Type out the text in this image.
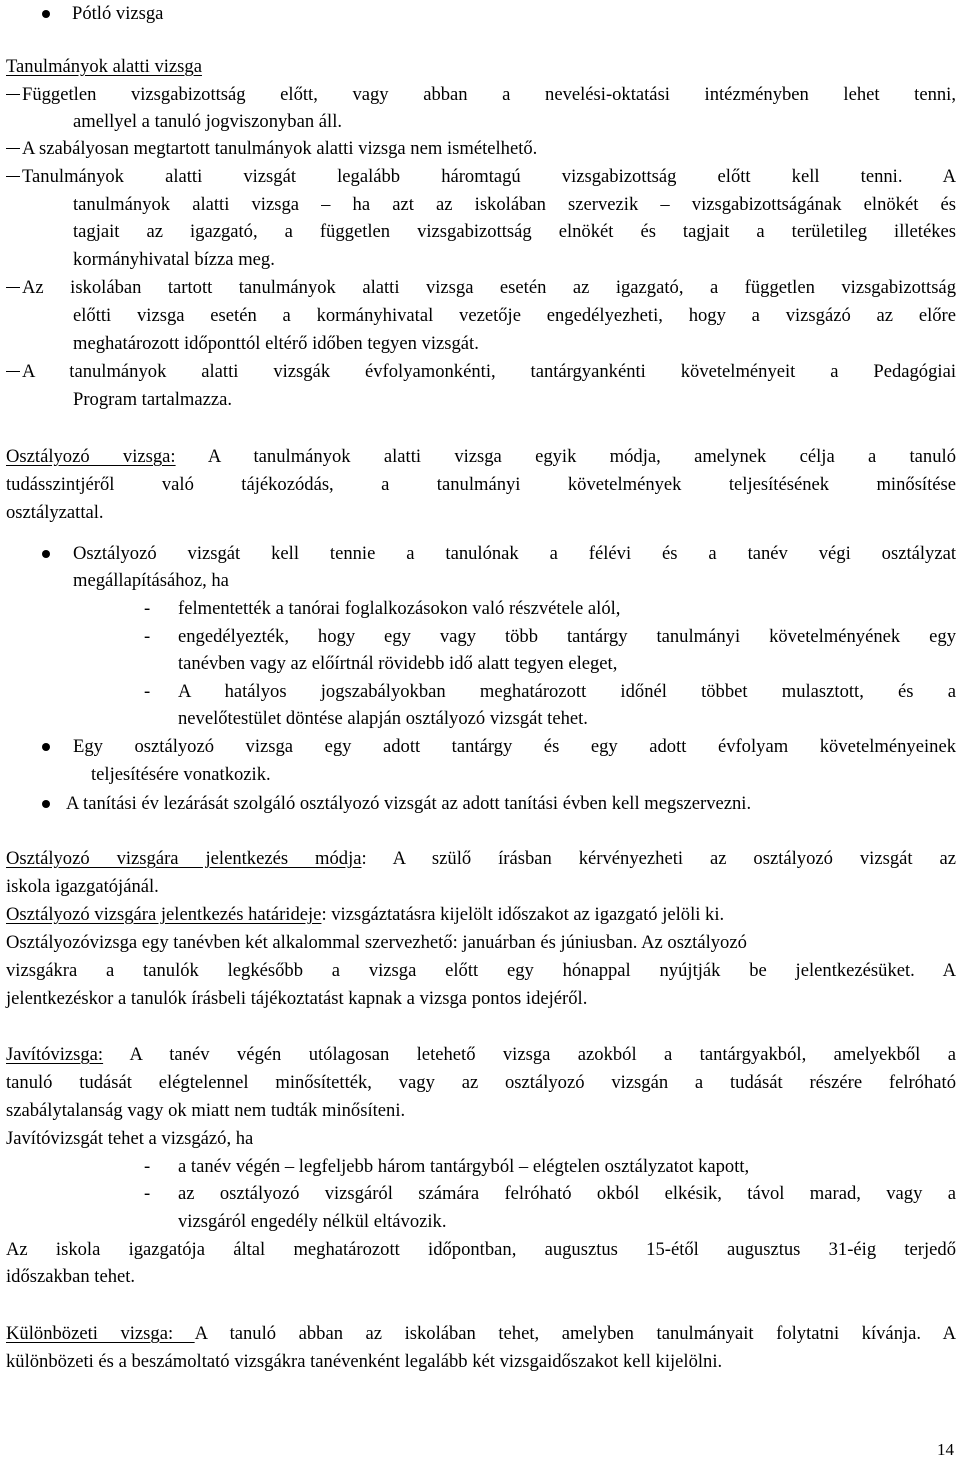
Pótló vizsga
Tanulmányok alatti vizsga
Független vizsgabizottság előtt, vagy abban a nevelési-oktatási intézményben lehet tenni,
amellyel a tanuló jogviszonyban áll.
A szabályosan megtartott tanulmányok alatti vizsga nem ismételhető.
Tanulmányok alatti vizsgát legalább háromtagú vizsgabizottság előtt kell tenni. A
tanulmányok alatti vizsga – ha azt az iskolában szervezik – vizsgabizottságának elnökét és
tagjait az igazgató, a független vizsgabizottság elnökét és tagjait a területileg illetékes
kormányhivatal bízza meg.
Az iskolában tartott tanulmányok alatti vizsga esetén az igazgató, a független vizsgabizottság
előtti vizsga esetén a kormányhivatal vezetője engedélyezheti, hogy a vizsgázó az előre
meghatározott időponttól eltérő időben tegyen vizsgát.
A tanulmányok alatti vizsgák évfolyamonkénti, tantárgyankénti követelményeit a Pedagógiai
Program tartalmazza.
Osztályozó vizsga: A tanulmányok alatti vizsga egyik módja, amelynek célja a tanuló
tudásszintjéről való tájékozódás, a tanulmányi követelmények teljesítésének minősítése
osztályzattal.
Osztályozó vizsgát kell tennie a tanulónak a félévi és a tanév végi osztályzat
megállapításához, ha
-	felmentették a tanórai foglalkozásokon való részvétele alól,
-	engedélyezték, hogy egy vagy több tantárgy tanulmányi követelményének egy
tanévben vagy az előírtnál rövidebb idő alatt tegyen eleget,
-	A hatályos jogszabályokban meghatározott időnél többet mulasztott, és a
nevelőtestület döntése alapján osztályozó vizsgát tehet.
Egy osztályozó vizsga egy adott tantárgy és egy adott évfolyam követelményeinek
teljesítésére vonatkozik.
A tanítási év lezárását szolgáló osztályozó vizsgát az adott tanítási évben kell megszervezni.
Osztályozó vizsgára jelentkezés módja: A szülő írásban kérvényezheti az osztályozó vizsgát az
iskola igazgatójánál.
Osztályozó vizsgára jelentkezés határideje: vizsgáztatásra kijelölt időszakot az igazgató jelöli ki.
Osztályozóvizsga egy tanévben két alkalommal szervezhető: januárban és júniusban. Az osztályozó
vizsgákra a tanulók legkésőbb a vizsga előtt egy hónappal nyújtják be jelentkezésüket. A
jelentkezéskor a tanulók írásbeli tájékoztatást kapnak a vizsga pontos idejéről.
Javítóvizsga: A tanév végén utólagosan letehető vizsga azokból a tantárgyakból, amelyekből a
tanuló tudását elégtelennel minősítették, vagy az osztályozó vizsgán a tudását részére felróható
szabálytalanság vagy ok miatt nem tudták minősíteni.
Javítóvizsgát tehet a vizsgázó, ha
-	a tanév végén – legfeljebb három tantárgyból – elégtelen osztályzatot kapott,
-	az osztályozó vizsgáról számára felróható okból elkésik, távol marad, vagy a
vizsgáról engedély nélkül eltávozik.
Az iskola igazgatója által meghatározott időpontban, augusztus 15-étől augusztus 31-éig terjedő
időszakban tehet.
Különbözeti vizsga: A tanuló abban az iskolában tehet, amelyben tanulmányait folytatni kívánja. A
különbözeti és a beszámoltató vizsgákra tanévenként legalább két vizsgaidőszakot kell kijelölni.
14
